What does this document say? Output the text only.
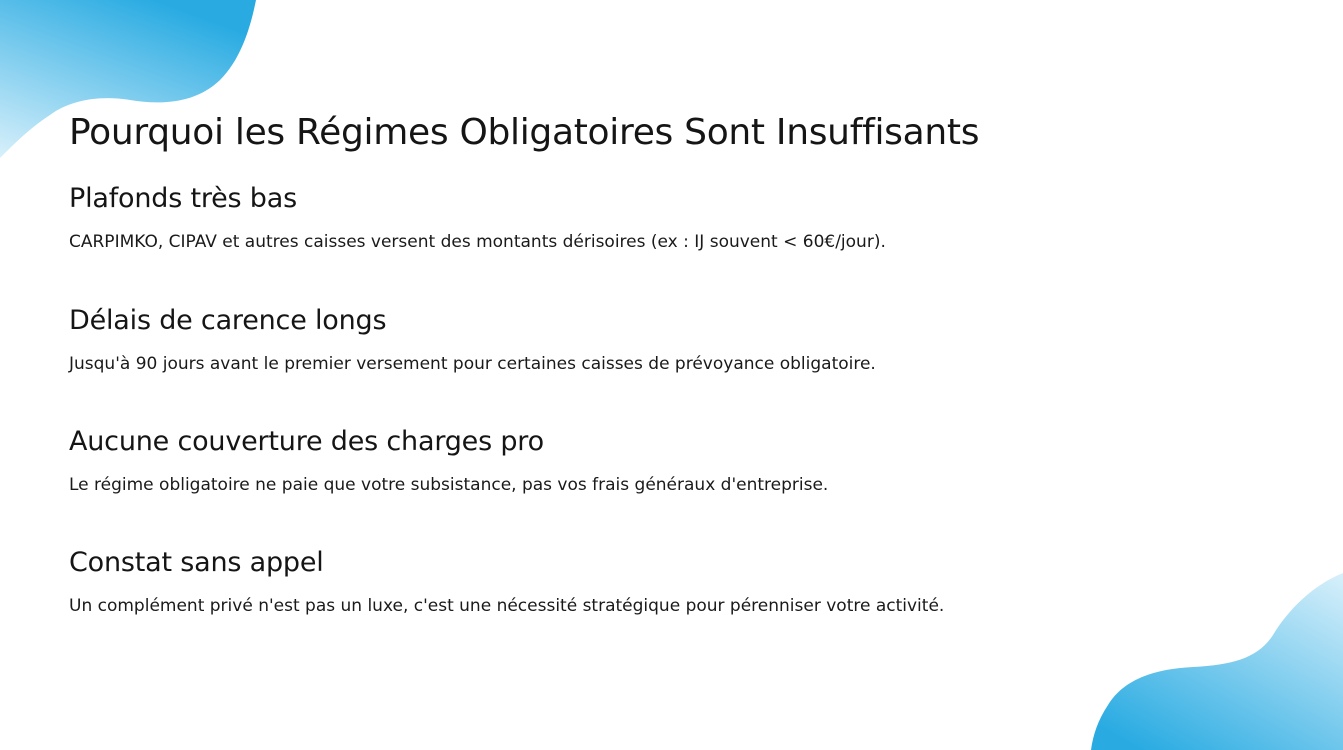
Pourquoi les Régimes Obligatoires Sont Insuffisants
Plafonds très bas

CARPIMKO, CIPAV et autres caisses versent des montants dérisoires (ex : IJ souvent < 60€/jour).

Délais de carence longs

Jusqu'à 90 jours avant le premier versement pour certaines caisses de prévoyance obligatoire.

Aucune couverture des charges pro

Le régime obligatoire ne paie que votre subsistance, pas vos frais généraux d'entreprise.

Constat sans appel

Un complément privé n'est pas un luxe, c'est une nécessité stratégique pour pérenniser votre activité.
